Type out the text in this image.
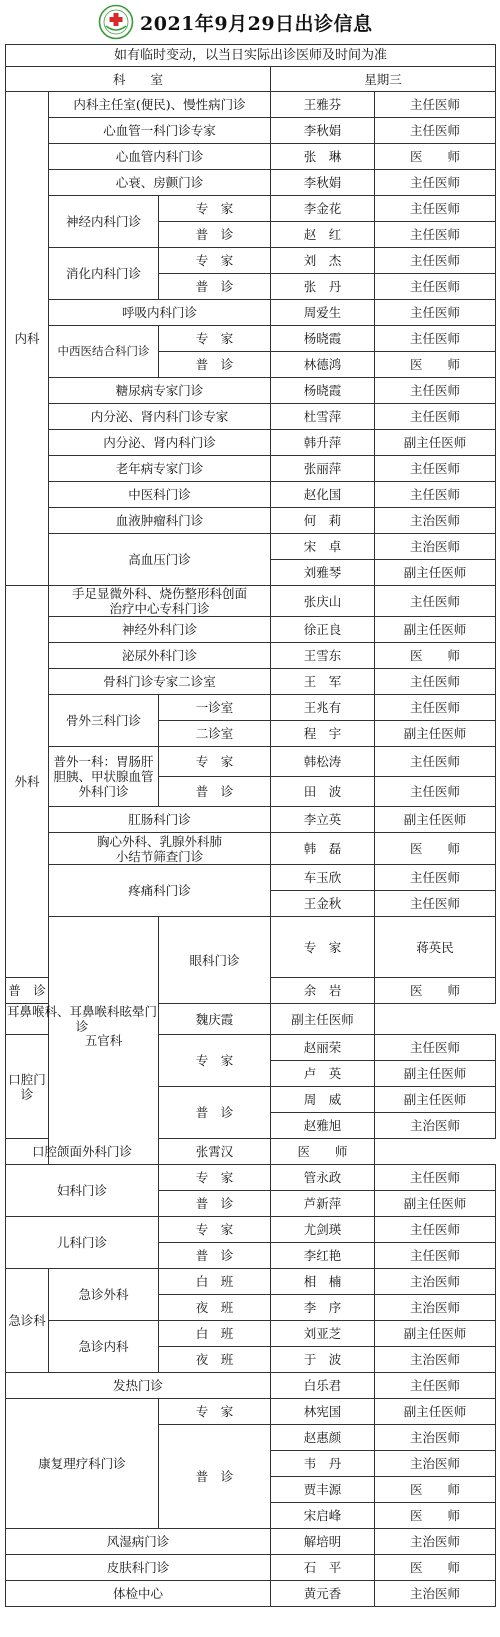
2021年9月29日出诊信息
如有临时变动，以当日实际出诊医师及时间为准					
科　　室			星期三		
内科	内科主任室(便民)、慢性病门诊		王雅芬	主任医师	
	心血管一科门诊专家		李秋娟	主任医师	
	心血管内科门诊		张　琳	医　　师	
	心衰、房颤门诊		李秋娟	主任医师	
	神经内科门诊	专　家	李金花	主任医师	
		普　诊	赵　红	主任医师	
	消化内科门诊	专　家	刘　杰	主任医师	
		普　诊	张　丹	主任医师	
	呼吸内科门诊		周爱生	主任医师	
	中西医结合科门诊	专　家	杨晓霞	主任医师	
		普　诊	林德鸿	医　　师	
	糖尿病专家门诊		杨晓霞	主任医师	
	内分泌、肾内科门诊专家		杜雪萍	主任医师	
	内分泌、肾内科门诊		韩升萍	副主任医师	
	老年病专家门诊		张丽萍	主任医师	
	中医科门诊		赵化国	主任医师	
	血液肿瘤科门诊		何　莉	主治医师	
	高血压门诊		宋　卓	主治医师	
			刘雅琴	副主任医师	
外科	手足显微外科、烧伤整形科创面治疗中心专科门诊		张庆山	主任医师	
	神经外科门诊		徐正良	副主任医师	
	泌尿外科门诊		王雪东	医　　师	
	骨科门诊专家二诊室		王　军	主任医师	
	骨外三科门诊	一诊室	王兆有	主任医师	
		二诊室	程　宇	副主任医师	
	普外一科：胃肠肝胆胰、甲状腺血管外科门诊	专　家	韩松涛	主任医师	
		普　诊	田　波	主任医师	
	肛肠科门诊		李立英	副主任医师	
	胸心外科、乳腺外科肺小结节筛查门诊		韩　磊	医　　师	
	疼痛科门诊		车玉欣	主任医师	
			王金秋	主任医师	
	五官科	眼科门诊	专　家	蒋英民	
普　诊			余　岩	医　　师	
耳鼻喉科、耳鼻喉科眩晕门诊		魏庆霞	副主任医师		
口腔门诊		专　家	赵丽荣	主任医师	
			卢　英	副主任医师	
		普　诊	周　威	副主任医师	
			赵雅旭	主治医师	
口腔颌面外科门诊		张霄汉	医　　师		
妇科门诊		专　家	管永政	主任医师	
		普　诊	芦新萍	副主任医师	
儿科门诊		专　家	尤剑瑛	主任医师	
		普　诊	李红艳	主任医师	
急诊科	急诊外科	白　班	相　楠	主治医师	
		夜　班	李　序	主治医师	
	急诊内科	白　班	刘亚芝	副主任医师	
		夜　班	于　波	主治医师	
发热门诊			白乐君	主任医师	
康复理疗科门诊		专　家	林宪国	副主任医师	
		普　诊	赵惠颜	主治医师	
			韦　丹	主治医师	
			贾丰源	医　　师	
			宋启峰	医　　师	
风湿病门诊			解培明	主治医师	
皮肤科门诊			石　平	医　　师	
体检中心			黄元香	主治医师	
